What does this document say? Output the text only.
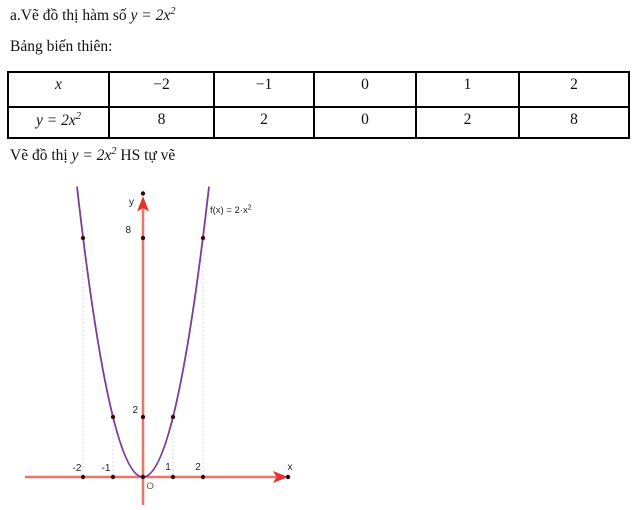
a.Vẽ đồ thị hàm số $y = 2x^2$
Bảng biến thiên:
x	−2	−1	0	1	2
$y = 2x^2$	8	2	0	2	8
Vẽ đồ thị $y = 2x^2$ HS tự vẽ
y
x
8
2
-2 -1	1 2
O
$f(x) = 2\cdot x^2$
